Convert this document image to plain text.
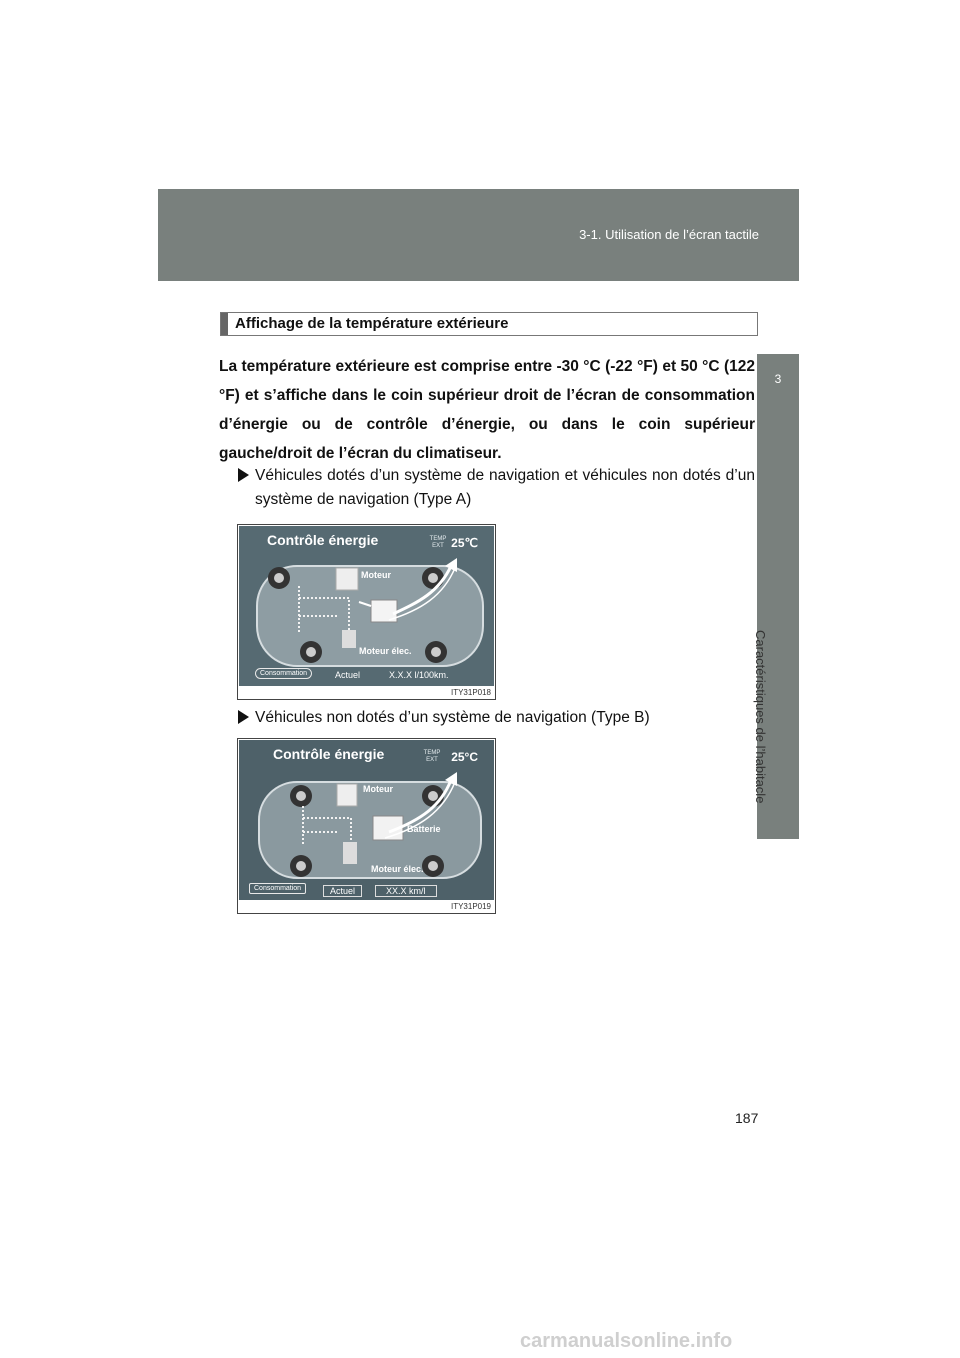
3-1. Utilisation de l’écran tactile
3
Caractéristiques de l’habitacle
Affichage de la température extérieure
La température extérieure est comprise entre -30 °C (-22 °F) et 50 °C (122 °F) et s’affiche dans le coin supérieur droit de l’écran de consommation d’énergie ou de contrôle d’énergie, ou dans le coin supérieur gauche/droit de l’écran du climatiseur.
Véhicules dotés d’un système de navigation et véhicules non dotés d’un système de navigation (Type A)
Contrôle énergie	TEMP EXT 25℃
Moteur
Moteur élec.
Consommation	Actuel	X.X.X l/100km.
ITY31P018
Véhicules non dotés d’un système de navigation (Type B)
Contrôle énergie	TEMP EXT	25°C
Moteur
Batterie
Moteur élec.
Consommation	Actuel	XX.X km/l
ITY31P019
187
carmanualsonline.info
